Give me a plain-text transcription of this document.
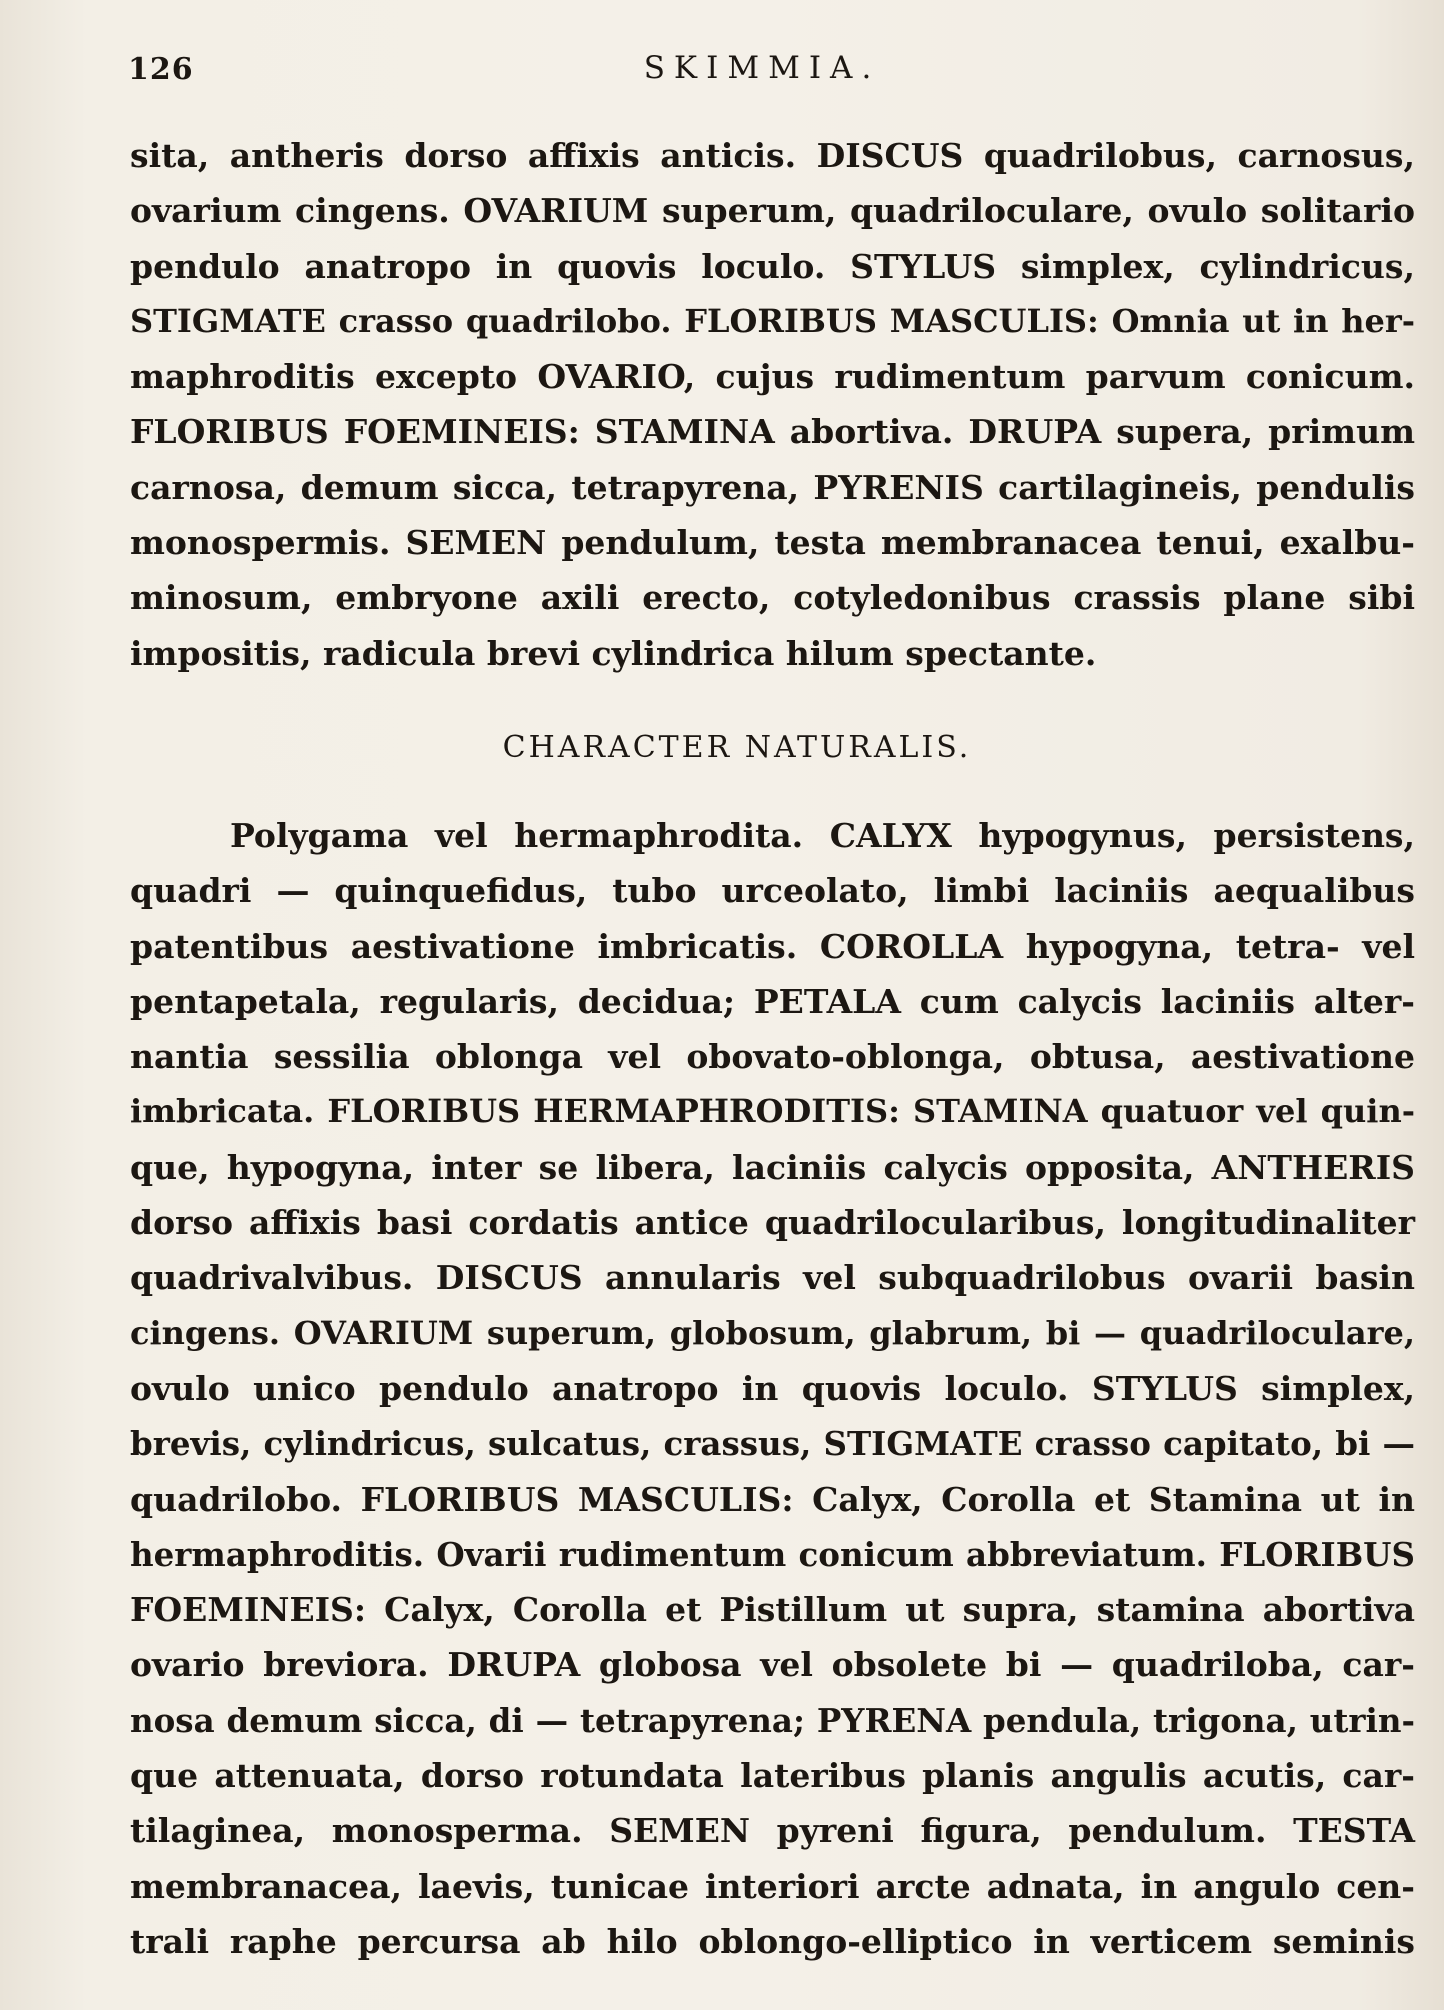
126	SKIMMIA.
sita, antheris dorso affixis anticis. DISCUS quadrilobus, carnosus,
ovarium cingens. OVARIUM superum, quadriloculare, ovulo solitario
pendulo anatropo in quovis loculo. STYLUS simplex, cylindricus,
STIGMATE crasso quadrilobo. FLORIBUS MASCULIS: Omnia ut in her-
maphroditis excepto OVARIO, cujus rudimentum parvum conicum.
FLORIBUS FOEMINEIS: STAMINA abortiva. DRUPA supera, primum
carnosa, demum sicca, tetrapyrena, PYRENIS cartilagineis, pendulis
monospermis. SEMEN pendulum, testa membranacea tenui, exalbu-
minosum, embryone axili erecto, cotyledonibus crassis plane sibi
impositis, radicula brevi cylindrica hilum spectante.
CHARACTER NATURALIS.
Polygama vel hermaphrodita. CALYX hypogynus, persistens,
quadri — quinquefidus, tubo urceolato, limbi laciniis aequalibus
patentibus aestivatione imbricatis. COROLLA hypogyna, tetra- vel
pentapetala, regularis, decidua; PETALA cum calycis laciniis alter-
nantia sessilia oblonga vel obovato-oblonga, obtusa, aestivatione
imbricata. FLORIBUS HERMAPHRODITIS: STAMINA quatuor vel quin-
que, hypogyna, inter se libera, laciniis calycis opposita, ANTHERIS
dorso affixis basi cordatis antice quadrilocularibus, longitudinaliter
quadrivalvibus. DISCUS annularis vel subquadrilobus ovarii basin
cingens. OVARIUM superum, globosum, glabrum, bi — quadriloculare,
ovulo unico pendulo anatropo in quovis loculo. STYLUS simplex,
brevis, cylindricus, sulcatus, crassus, STIGMATE crasso capitato, bi —
quadrilobo. FLORIBUS MASCULIS: Calyx, Corolla et Stamina ut in
hermaphroditis. Ovarii rudimentum conicum abbreviatum. FLORIBUS
FOEMINEIS: Calyx, Corolla et Pistillum ut supra, stamina abortiva
ovario breviora. DRUPA globosa vel obsolete bi — quadriloba, car-
nosa demum sicca, di — tetrapyrena; PYRENA pendula, trigona, utrin-
que attenuata, dorso rotundata lateribus planis angulis acutis, car-
tilaginea, monosperma. SEMEN pyreni figura, pendulum. TESTA
membranacea, laevis, tunicae interiori arcte adnata, in angulo cen-
trali raphe percursa ab hilo oblongo-elliptico in verticem seminis
